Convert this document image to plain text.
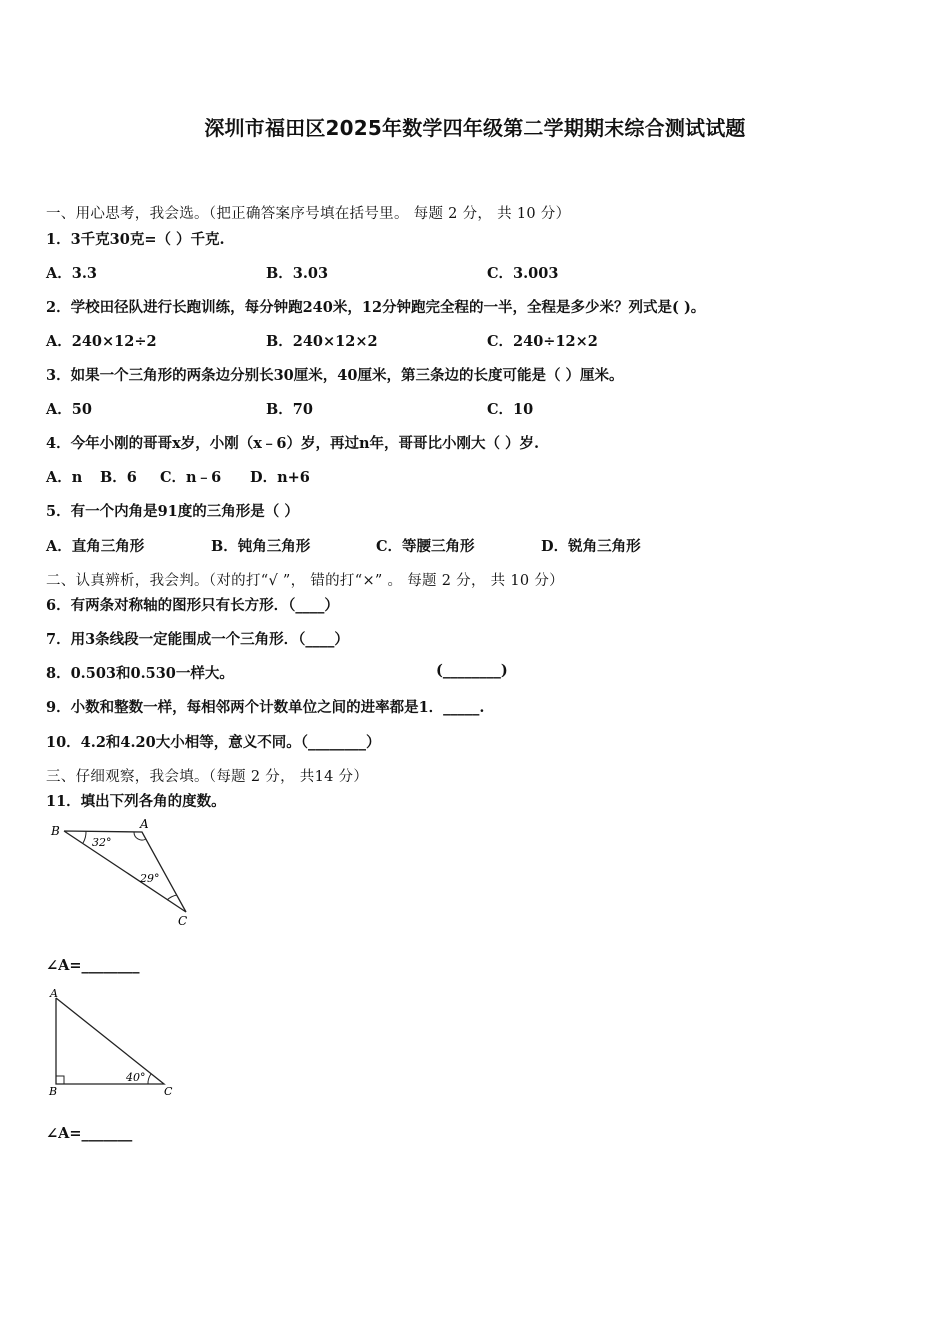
深圳市福田区2025年数学四年级第二学期期末综合测试试题
一、用心思考，我会选。（把正确答案序号填在括号里。 每题 2 分， 共 10 分）
1．3千克30克=（ ）千克.
A．3.3	B．3.03	C．3.003
2．学校田径队进行长跑训练，每分钟跑240米，12分钟跑完全程的一半，全程是多少米？列式是( )。
A．240×12÷2	B．240×12×2	C．240÷12×2
3．如果一个三角形的两条边分别长30厘米，40厘米，第三条边的长度可能是（ ）厘米。
A．50	B．70	C．10
4．今年小刚的哥哥x岁，小刚（x﹣6）岁，再过n年，哥哥比小刚大（ ）岁.
A．n B．6 C．n﹣6 D．n+6
5．有一个内角是91度的三角形是（ ）
A．直角三角形	B．钝角三角形	C．等腰三角形	D．锐角三角形
二、认真辨析，我会判。（对的打“√ ”， 错的打“×” 。 每题 2 分， 共 10 分）
6．有两条对称轴的图形只有长方形．（____）
7．用3条线段一定能围成一个三角形．（____）
8．0.503和0.530一样大。	(________)
9．小数和整数一样，每相邻两个计数单位之间的进率都是1．_____.
10．4.2和4.20大小相等，意义不同。（________）
三、仔细观察，我会填。（每题 2 分， 共14 分）
11．填出下列各角的度数。
B	A
C
32°
29°
∠A=________
A
B	C
40°
∠A=_______
